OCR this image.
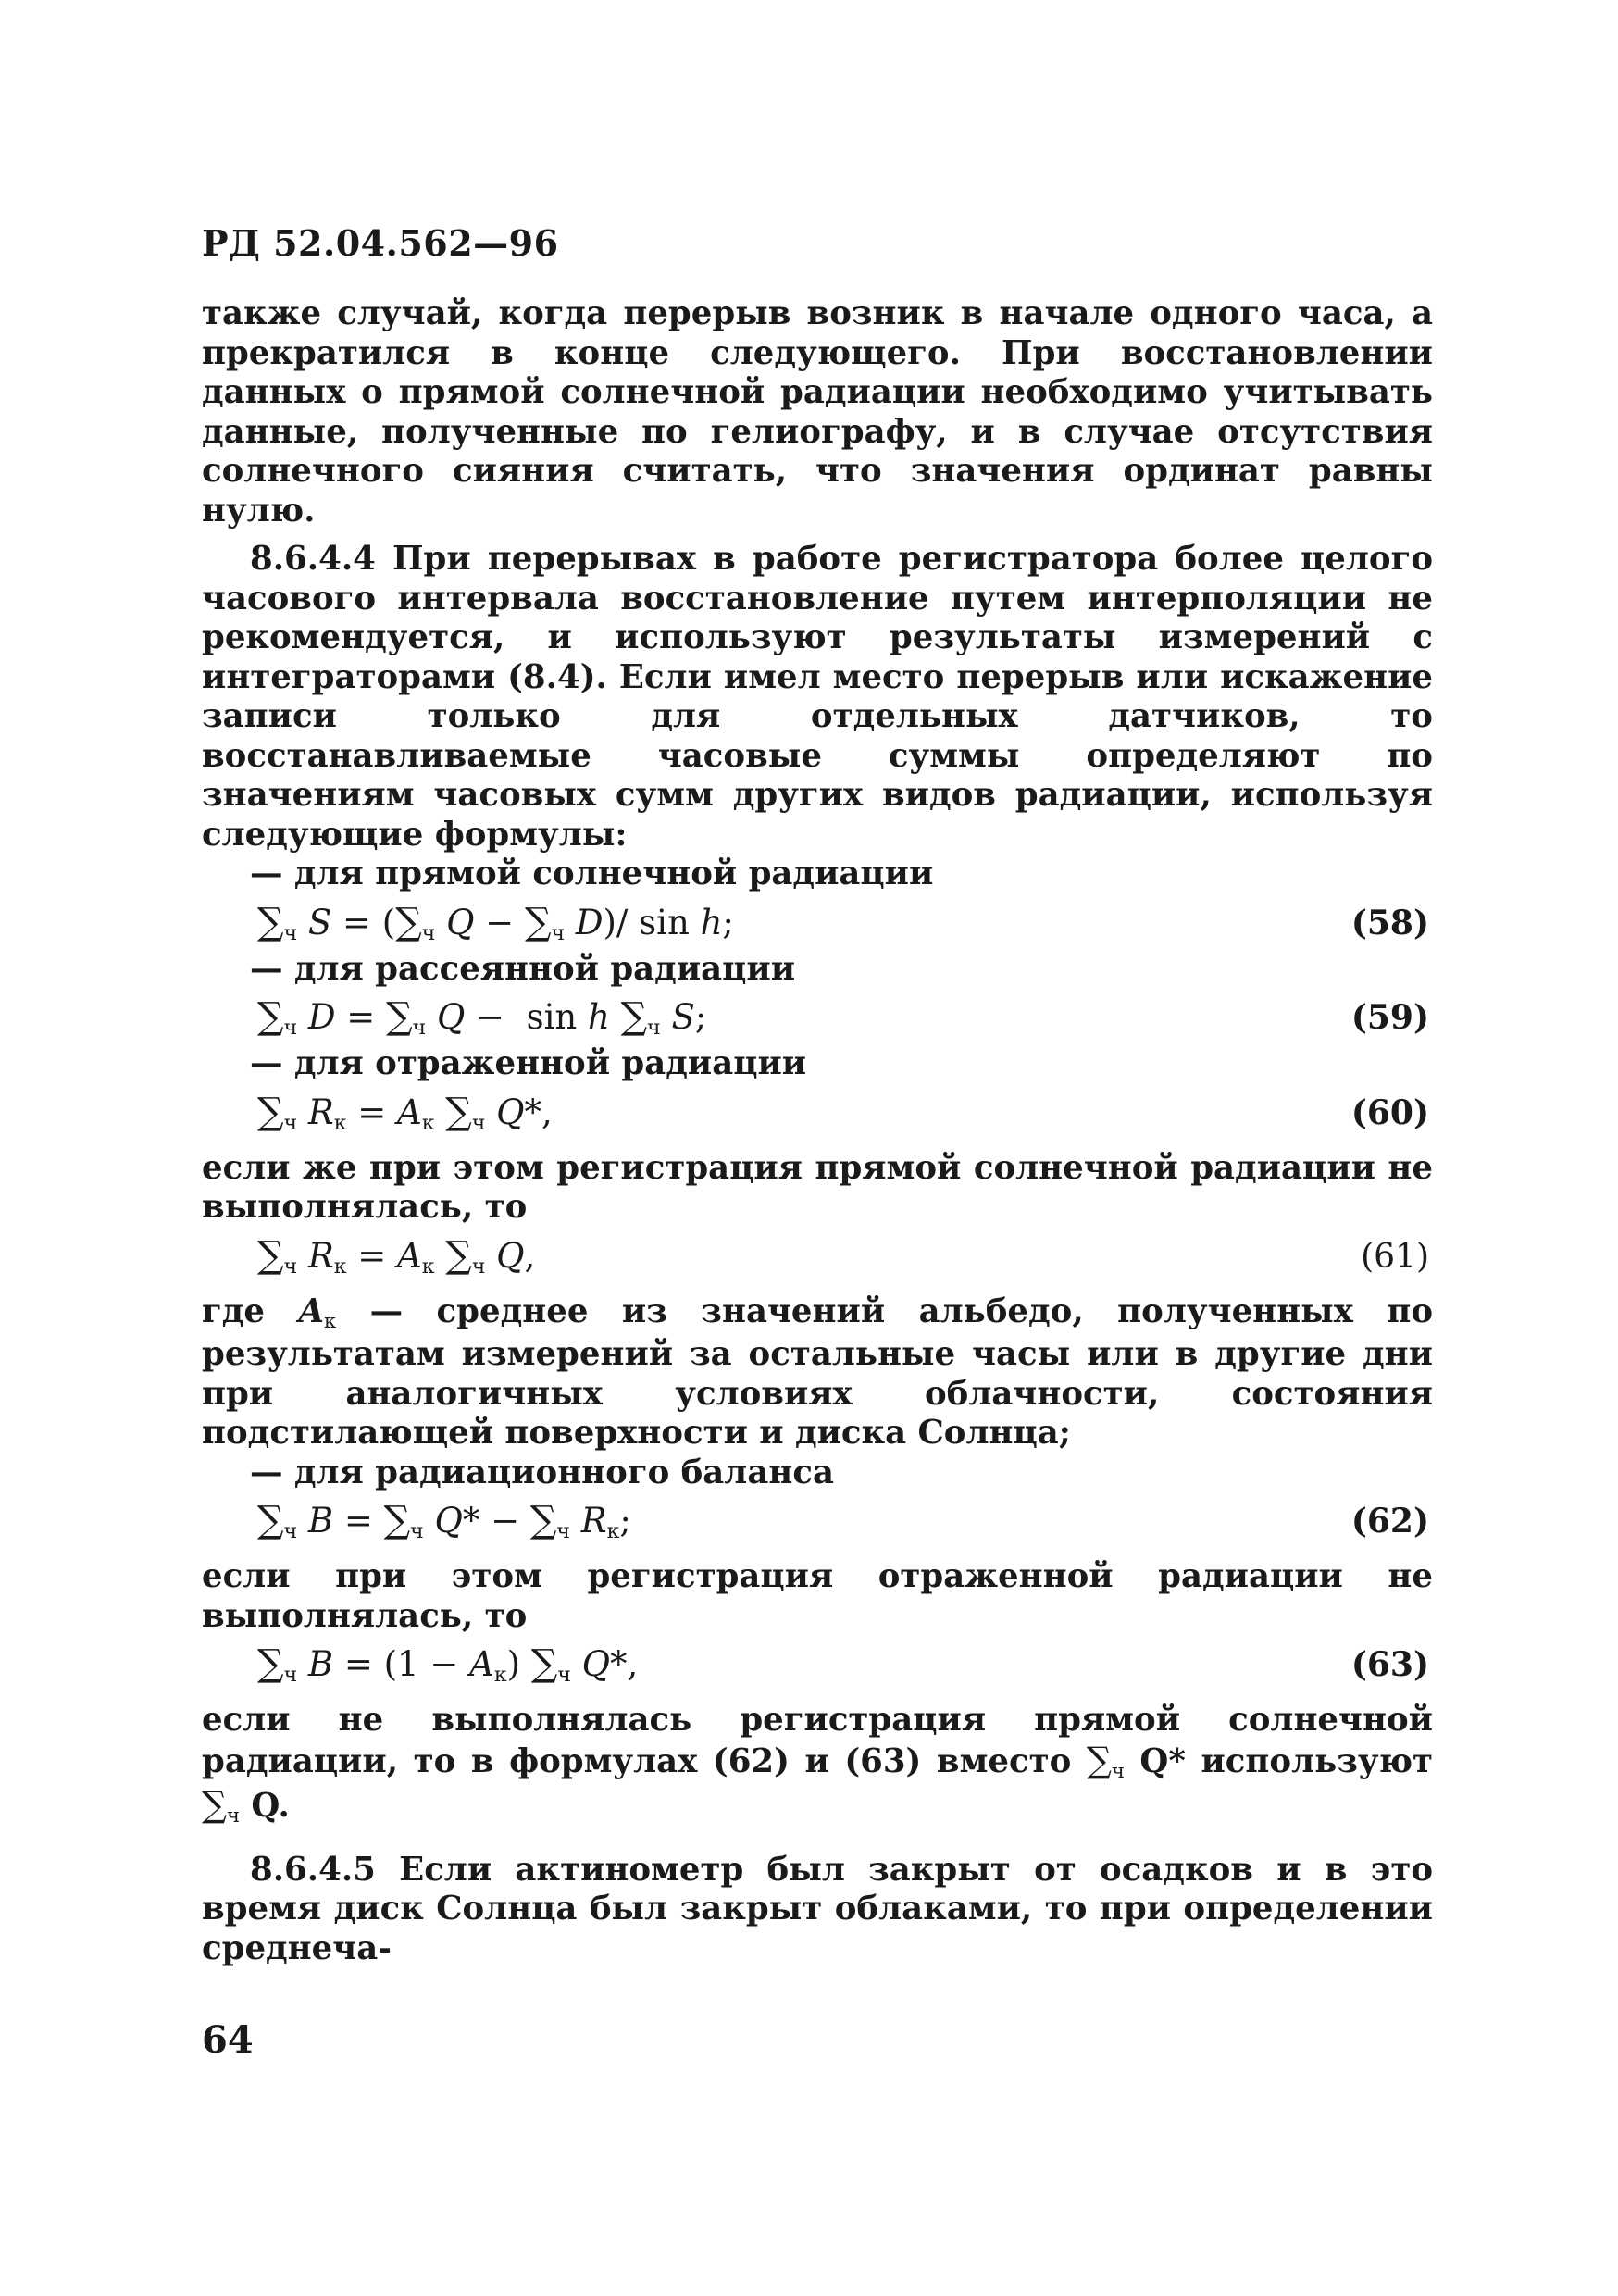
РД 52.04.562—96

также случай, когда перерыв возник в начале одного часа, а прекратился в конце следующего. При восстановлении данных о прямой солнечной радиации необходимо учитывать данные, полученные по гелиографу, и в случае отсутствия солнечного сияния считать, что значения ординат равны нулю.

8.6.4.4 При перерывах в работе регистратора более целого часового интервала восстановление путем интерполяции не рекомендуется, и используют результаты измерений с интеграторами (8.4). Если имел место перерыв или искажение записи только для отдельных датчиков, то восстанавливаемые часовые суммы определяют по значениям часовых сумм других видов радиации, используя следующие формулы:

— для прямой солнечной радиации

∑ч S = (∑ч Q − ∑ч D)/ sin h;	(58)

— для рассеянной радиации

∑ч D = ∑ч Q −  sin h ∑ч S;	(59)

— для отраженной радиации

∑ч Rк = Aк ∑ч Q*,	(60)

если же при этом регистрация прямой солнечной радиации не выполнялась, то

∑ч Rк = Aк ∑ч Q,	(61)

где Aк — среднее из значений альбедо, полученных по результатам измерений за остальные часы или в другие дни при аналогичных условиях облачности, состояния подстилающей поверхности и диска Солнца;

— для радиационного баланса

∑ч B = ∑ч Q* − ∑ч Rк;	(62)

если при этом регистрация отраженной радиации не выполнялась, то

∑ч B = (1 − Aк) ∑ч Q*,	(63)

если не выполнялась регистрация прямой солнечной радиации, то в формулах (62) и (63) вместо ∑ч Q* используют ∑ч Q.

8.6.4.5 Если актинометр был закрыт от осадков и в это время диск Солнца был закрыт облаками, то при определении среднеча-

64
